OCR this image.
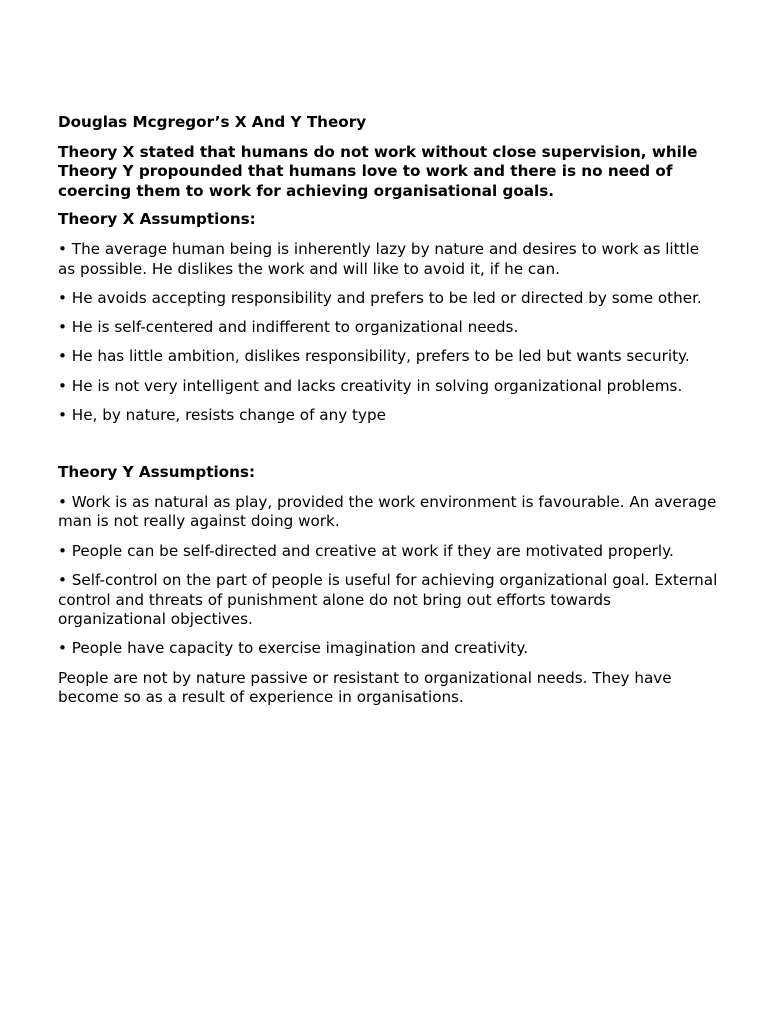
Douglas Mcgregor’s X And Y Theory

Theory X stated that humans do not work without close supervision, while Theory Y propounded that humans love to work and there is no need of coercing them to work for achieving organisational goals.

Theory X Assumptions:

• The average human being is inherently lazy by nature and desires to work as little as possible. He dislikes the work and will like to avoid it, if he can.

• He avoids accepting responsibility and prefers to be led or directed by some other.

• He is self-centered and indifferent to organizational needs.

• He has little ambition, dislikes responsibility, prefers to be led but wants security.

• He is not very intelligent and lacks creativity in solving organizational problems.

• He, by nature, resists change of any type

Theory Y Assumptions:

• Work is as natural as play, provided the work environment is favourable. An average man is not really against doing work.

• People can be self-directed and creative at work if they are motivated properly.

• Self-control on the part of people is useful for achieving organizational goal. External control and threats of punishment alone do not bring out efforts towards organizational objectives.

• People have capacity to exercise imagination and creativity.

People are not by nature passive or resistant to organizational needs. They have become so as a result of experience in organisations.
